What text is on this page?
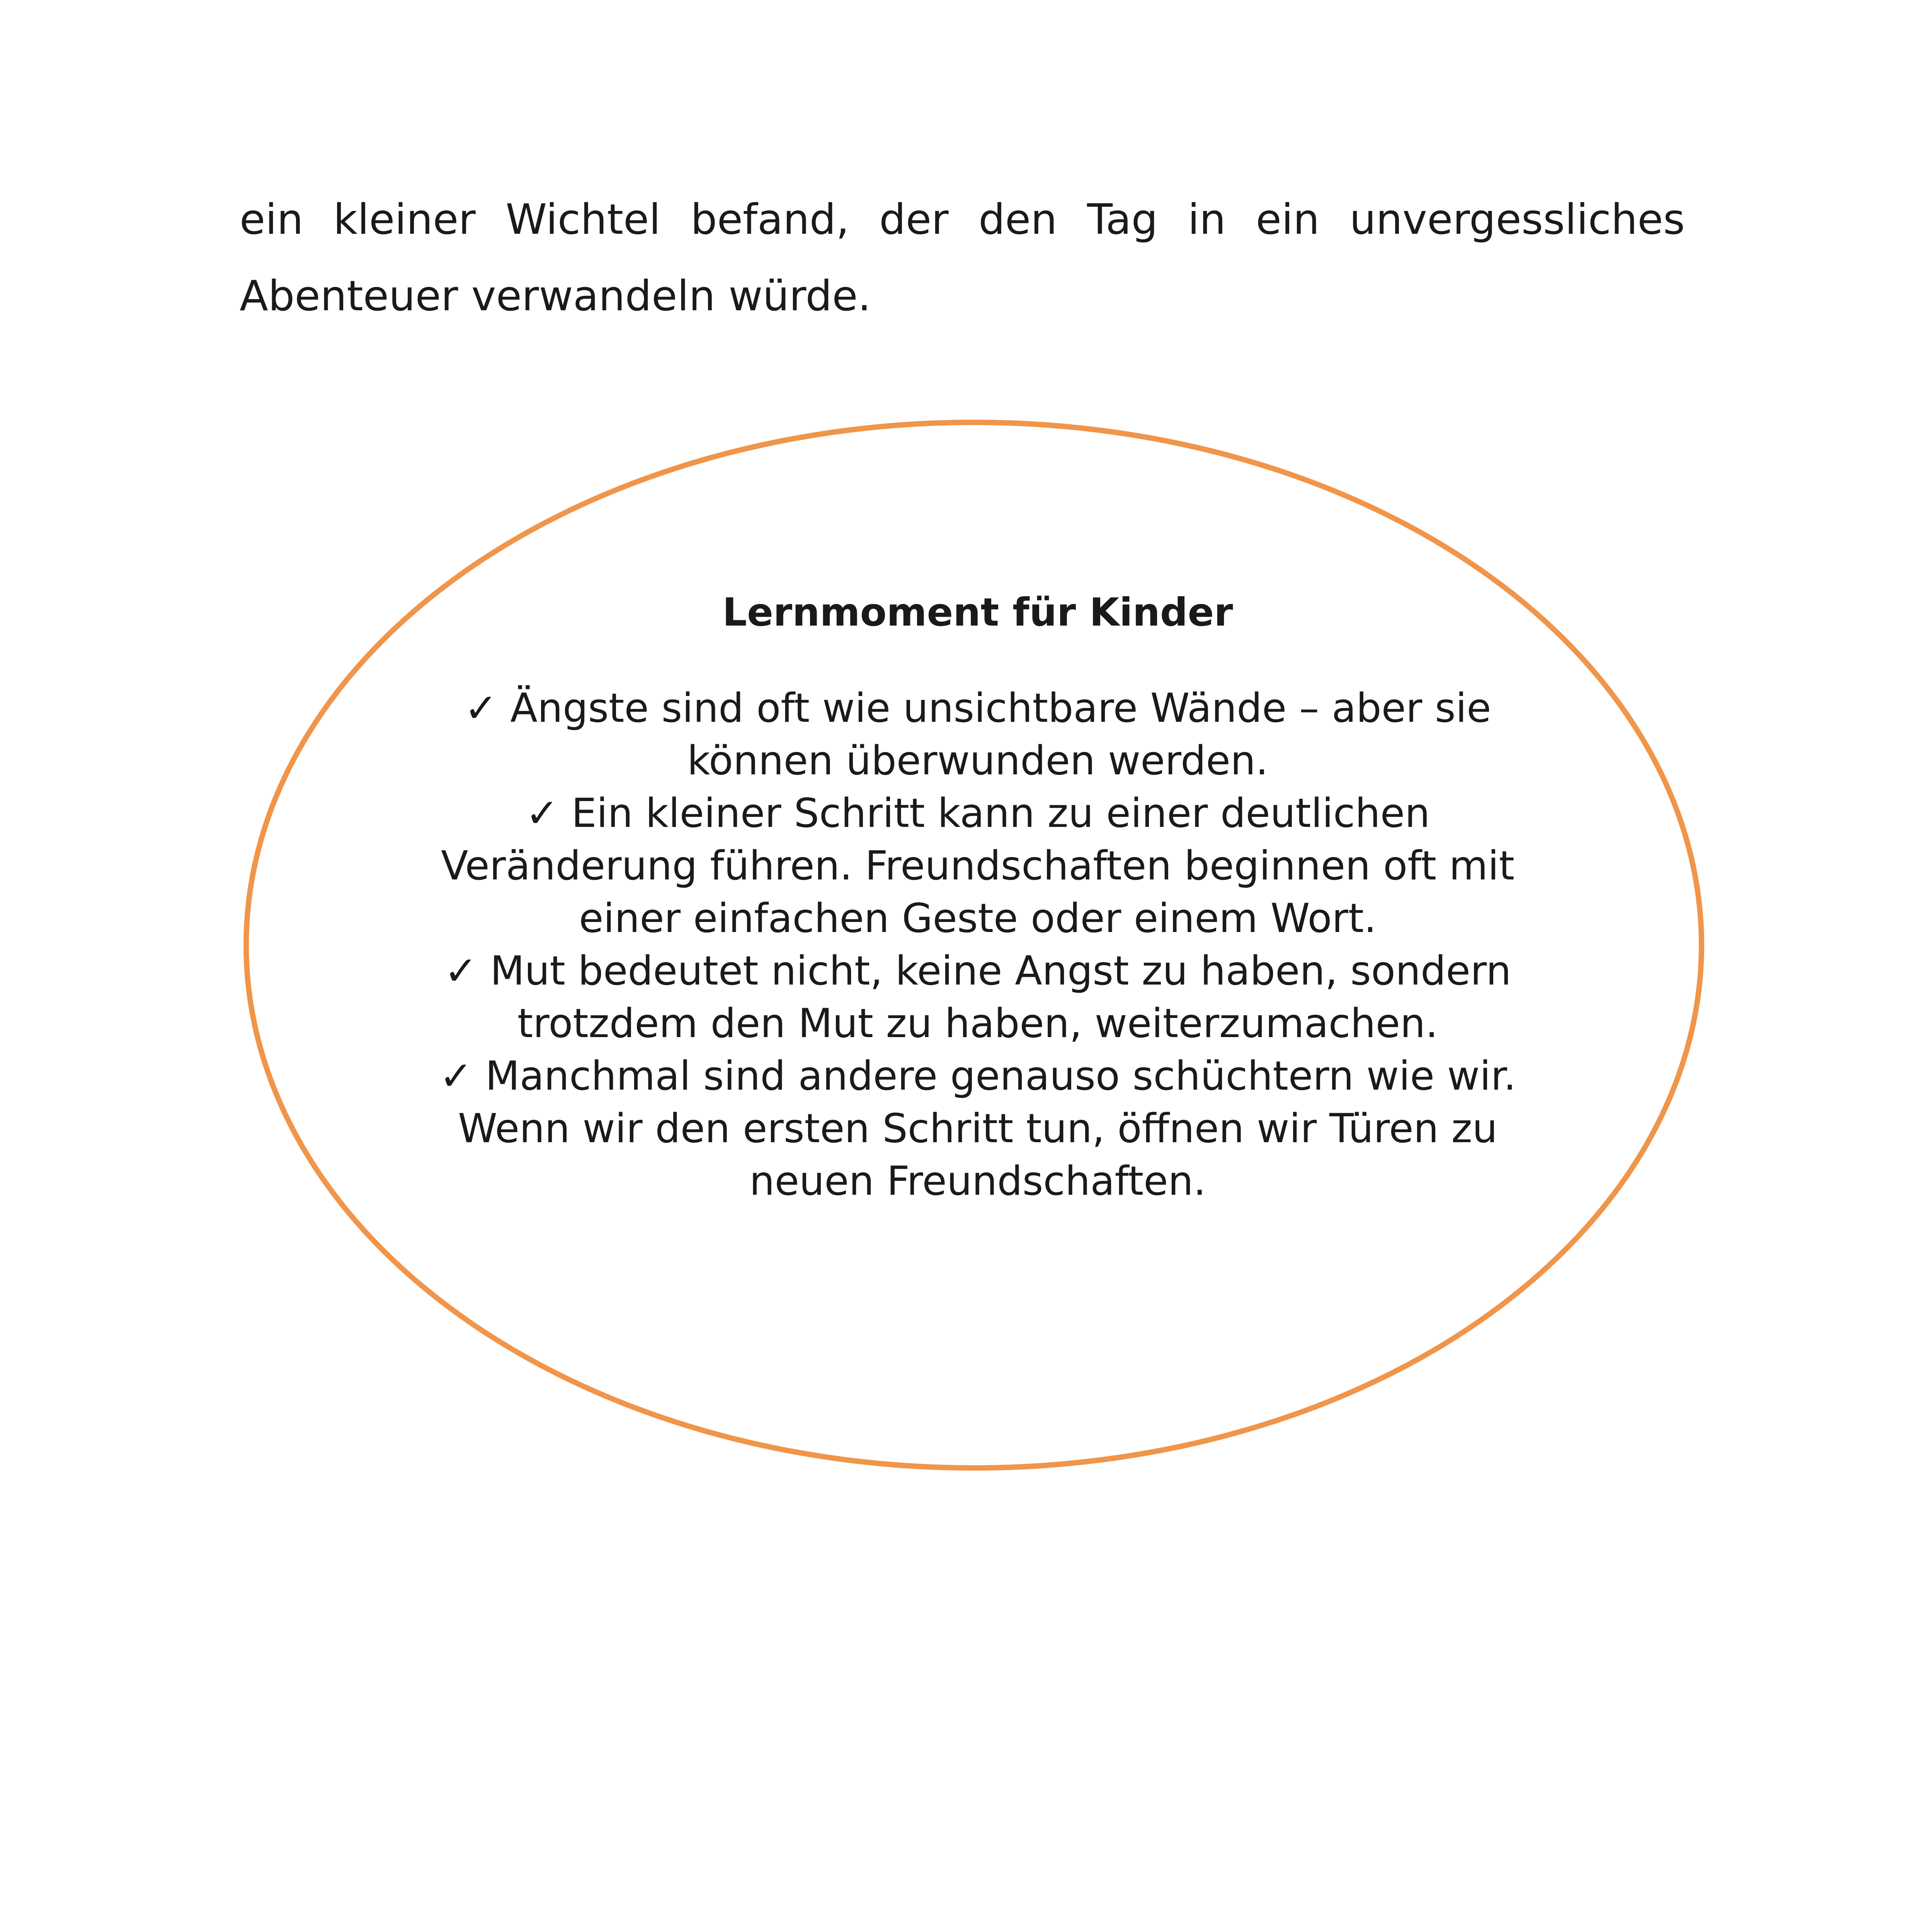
ein kleiner Wichtel befand, der den Tag in ein unvergessliches
Abenteuer verwandeln würde.

Lernmoment für Kinder

✓ Ängste sind oft wie unsichtbare Wände – aber sie können überwunden werden.
✓ Ein kleiner Schritt kann zu einer deutlichen Veränderung führen. Freundschaften beginnen oft mit einer einfachen Geste oder einem Wort.
✓ Mut bedeutet nicht, keine Angst zu haben, sondern trotzdem den Mut zu haben, weiterzumachen.
✓ Manchmal sind andere genauso schüchtern wie wir. Wenn wir den ersten Schritt tun, öffnen wir Türen zu neuen Freundschaften.
